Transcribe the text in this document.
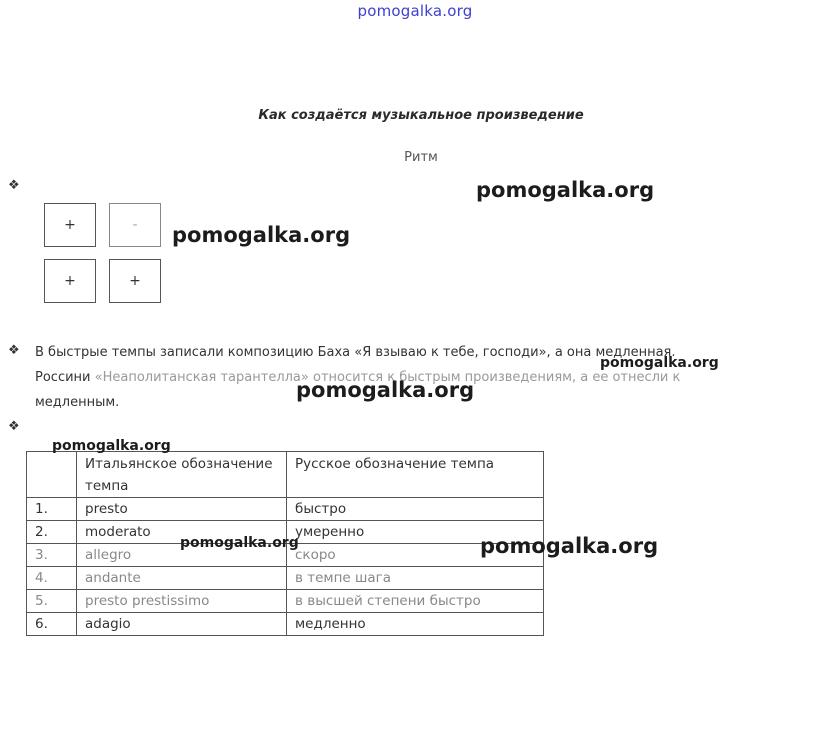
pomogalka.org
Как создаётся музыкальное произведение
Ритм
❖
❖
❖
+	-
+	+
В быстрые темпы записали композицию Баха «Я взываю к тебе, господи», а она медленная.
Россини «Неаполитанская тарантелла» относится к быстрым произведениям, а ее отнесли к
медленным.
	Итальянское обозначение темпа	Русское обозначение темпа
1.	presto	быстро
2.	moderato	умеренно
3.	allegro	скоро
4.	andante	в темпе шага
5.	presto prestissimo	в высшей степени быстро
6.	adagio	медленно
pomogalka.org
pomogalka.org
pomogalka.org
pomogalka.org
pomogalka.org
pomogalka.org	pomogalka.org
